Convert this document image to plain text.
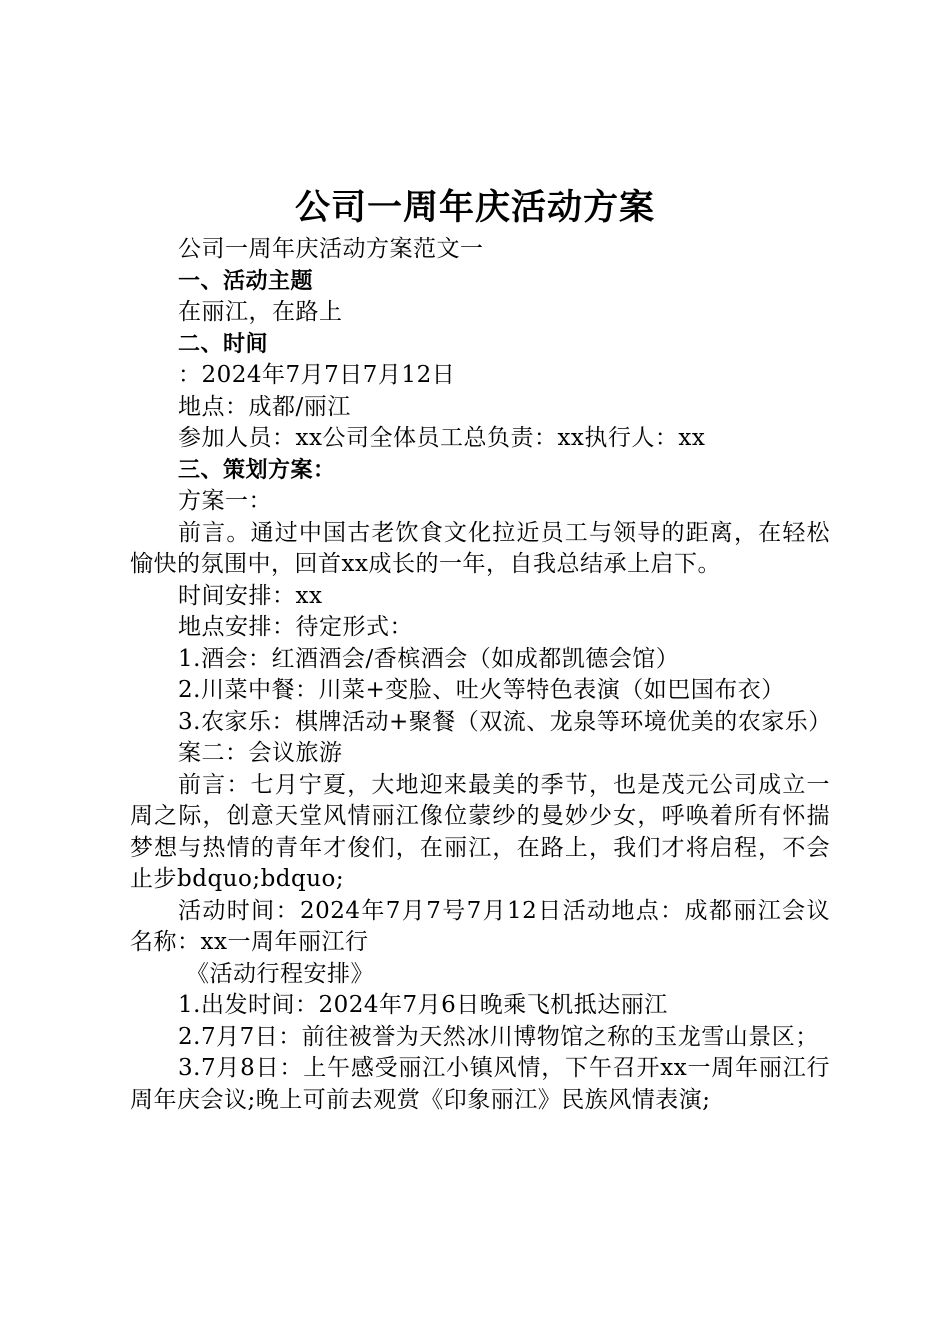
公司一周年庆活动方案

公司一周年庆活动方案范文一

一、活动主题

在丽江，在路上

二、时间

：2024年7月7日7月12日

地点：成都/丽江

参加人员：xx公司全体员工总负责：xx执行人：xx

三、策划方案：

方案一：

前言。通过中国古老饮食文化拉近员工与领导的距离，在轻松愉快的氛围中，回首xx成长的一年，自我总结承上启下。

时间安排：xx

地点安排：待定形式：

1.酒会：红酒酒会/香槟酒会（如成都凯德会馆）

2.川菜中餐：川菜+变脸、吐火等特色表演（如巴国布衣）

3.农家乐：棋牌活动+聚餐（双流、龙泉等环境优美的农家乐）

案二：会议旅游

前言：七月宁夏，大地迎来最美的季节，也是茂元公司成立一周之际，创意天堂风情丽江像位蒙纱的曼妙少女，呼唤着所有怀揣梦想与热情的青年才俊们，在丽江，在路上，我们才将启程，不会止步bdquo;bdquo;

活动时间：2024年7月7号7月12日活动地点：成都丽江会议名称：xx一周年丽江行

《活动行程安排》

1.出发时间：2024年7月6日晚乘飞机抵达丽江

2.7月7日：前往被誉为天然冰川博物馆之称的玉龙雪山景区；

3.7月8日：上午感受丽江小镇风情，下午召开xx一周年丽江行周年庆会议;晚上可前去观赏《印象丽江》民族风情表演;
